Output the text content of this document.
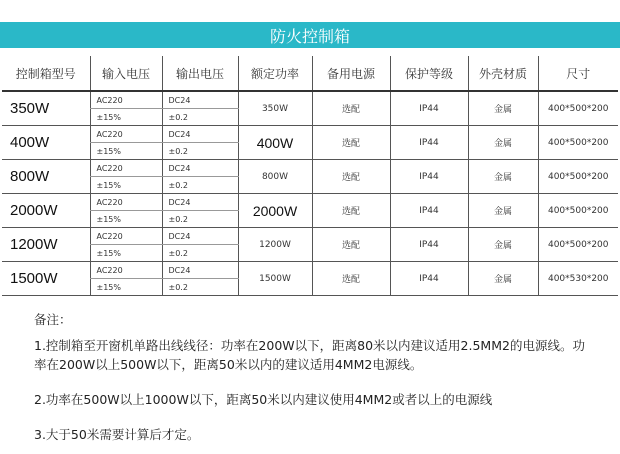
防火控制箱
控制箱型号	输入电压	输出电压	额定功率	备用电源	保护等级	外壳材质	尺寸
350W	AC220	DC24	350W	选配	IP44	金属	400*500*200
	±15%	±0.2					
400W	AC220	DC24	400W	选配	IP44	金属	400*500*200
	±15%	±0.2					
800W	AC220	DC24	800W	选配	IP44	金属	400*500*200
	±15%	±0.2					
2000W	AC220	DC24	2000W	选配	IP44	金属	400*500*200
	±15%	±0.2					
1200W	AC220	DC24	1200W	选配	IP44	金属	400*500*200
	±15%	±0.2					
1500W	AC220	DC24	1500W	选配	IP44	金属	400*530*200
	±15%	±0.2					

备注：

1.控制箱至开窗机单路出线线径：功率在200W以下，距离80米以内建议适用2.5MM2的电源线。功率在200W以上500W以下，距离50米以内的建议适用4MM2电源线。

2.功率在500W以上1000W以下，距离50米以内建议使用4MM2或者以上的电源线

3.大于50米需要计算后才定。
